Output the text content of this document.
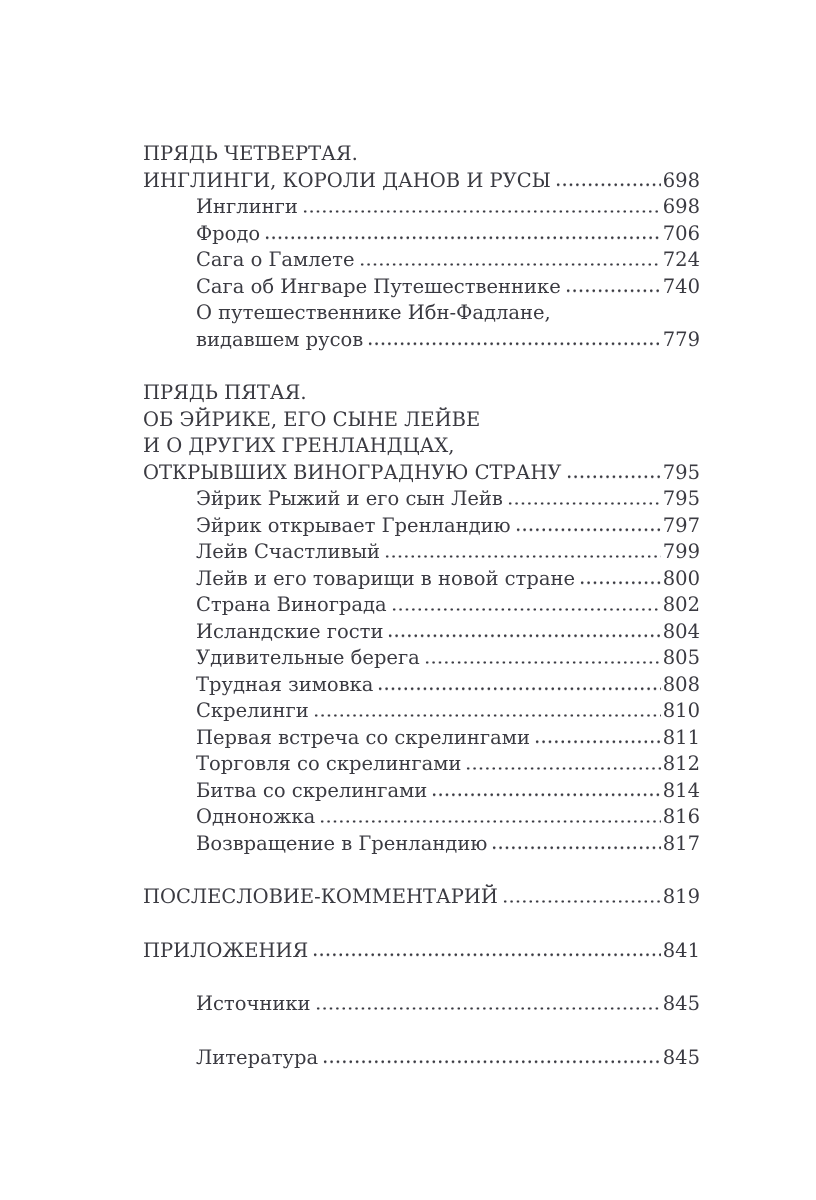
ПРЯДЬ ЧЕТВЕРТАЯ.
ИНГЛИНГИ, КОРОЛИ ДАНОВ И РУСЫ	698
Инглинги	698
Фродо	706
Сага о Гамлете	724
Сага об Ингваре Путешественнике	740
О путешественнике Ибн-Фадлане,
видавшем русов	779
ПРЯДЬ ПЯТАЯ.
ОБ ЭЙРИКЕ, ЕГО СЫНЕ ЛЕЙВЕ
И О ДРУГИХ ГРЕНЛАНДЦАХ,
ОТКРЫВШИХ ВИНОГРАДНУЮ СТРАНУ	795
Эйрик Рыжий и его сын Лейв	795
Эйрик открывает Гренландию	797
Лейв Счастливый	799
Лейв и его товарищи в новой стране	800
Страна Винограда	802
Исландские гости	804
Удивительные берега	805
Трудная зимовка	808
Скрелинги	810
Первая встреча со скрелингами	811
Торговля со скрелингами	812
Битва со скрелингами	814
Одноножка	816
Возвращение в Гренландию	817
ПОСЛЕСЛОВИЕ-КОММЕНТАРИЙ	819
ПРИЛОЖЕНИЯ	841
Источники	845
Литература	845
